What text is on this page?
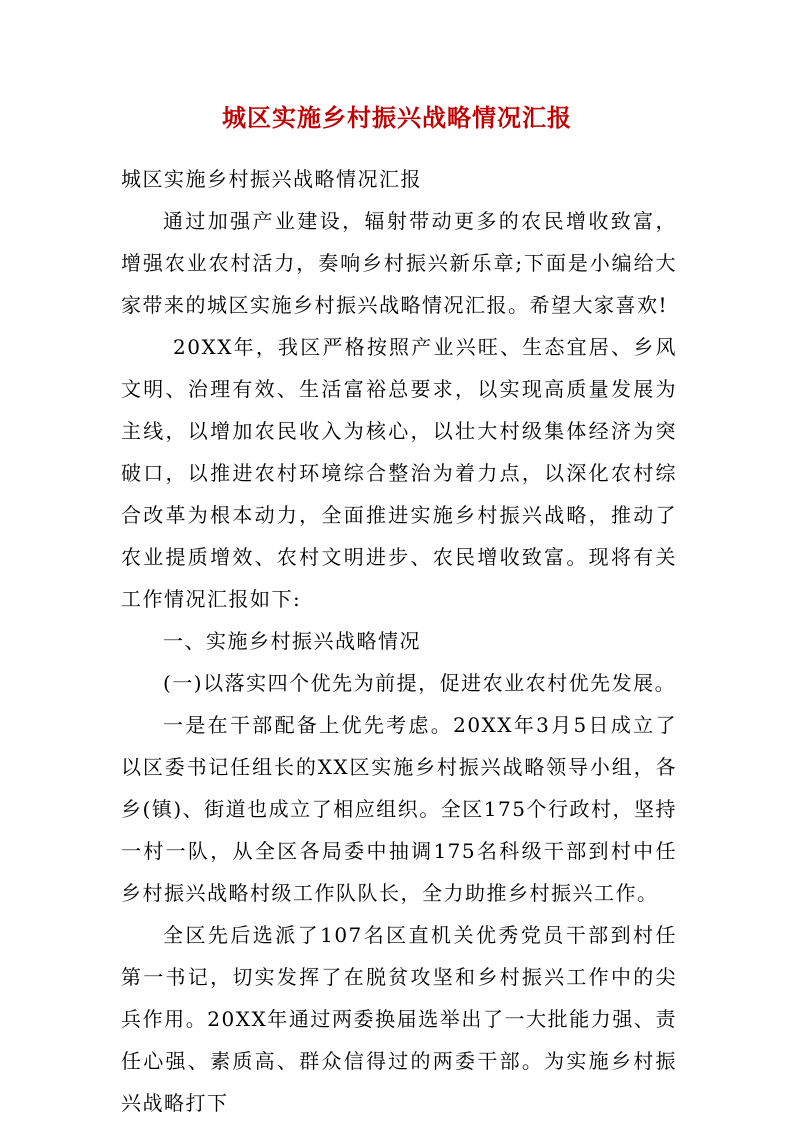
城区实施乡村振兴战略情况汇报

城区实施乡村振兴战略情况汇报

通过加强产业建设，辐射带动更多的农民增收致富，增强农业农村活力，奏响乡村振兴新乐章;下面是小编给大家带来的城区实施乡村振兴战略情况汇报。希望大家喜欢!

20XX年，我区严格按照产业兴旺、生态宜居、乡风文明、治理有效、生活富裕总要求，以实现高质量发展为主线，以增加农民收入为核心，以壮大村级集体经济为突破口，以推进农村环境综合整治为着力点，以深化农村综合改革为根本动力，全面推进实施乡村振兴战略，推动了农业提质增效、农村文明进步、农民增收致富。现将有关工作情况汇报如下:

一、实施乡村振兴战略情况

(一)以落实四个优先为前提，促进农业农村优先发展。

一是在干部配备上优先考虑。20XX年3月5日成立了以区委书记任组长的XX区实施乡村振兴战略领导小组，各乡(镇)、街道也成立了相应组织。全区175个行政村，坚持一村一队，从全区各局委中抽调175名科级干部到村中任乡村振兴战略村级工作队队长，全力助推乡村振兴工作。

全区先后选派了107名区直机关优秀党员干部到村任第一书记，切实发挥了在脱贫攻坚和乡村振兴工作中的尖兵作用。20XX年通过两委换届选举出了一大批能力强、责任心强、素质高、群众信得过的两委干部。为实施乡村振兴战略打下
